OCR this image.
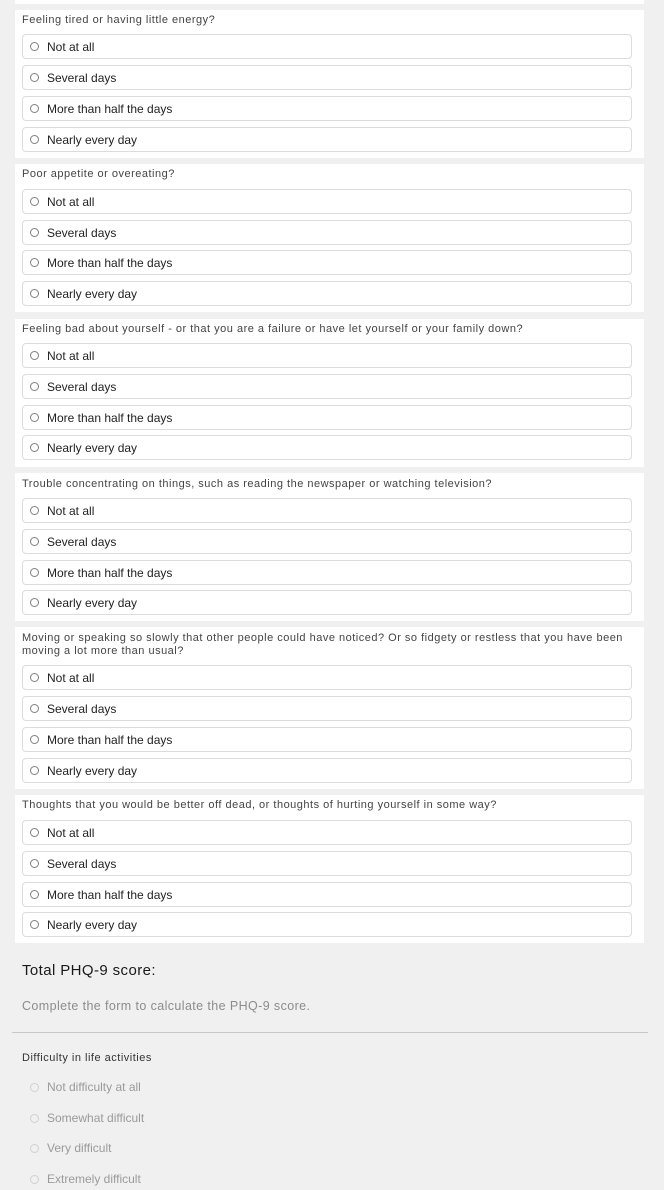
Feeling tired or having little energy?
Not at all
Several days
More than half the days
Nearly every day
Poor appetite or overeating?
Not at all
Several days
More than half the days
Nearly every day
Feeling bad about yourself - or that you are a failure or have let yourself or your family down?
Not at all
Several days
More than half the days
Nearly every day
Trouble concentrating on things, such as reading the newspaper or watching television?
Not at all
Several days
More than half the days
Nearly every day
Moving or speaking so slowly that other people could have noticed? Or so fidgety or restless that you have been moving a lot more than usual?
Not at all
Several days
More than half the days
Nearly every day
Thoughts that you would be better off dead, or thoughts of hurting yourself in some way?
Not at all
Several days
More than half the days
Nearly every day
Total PHQ-9 score:
Complete the form to calculate the PHQ-9 score.
Difficulty in life activities
Not difficulty at all
Somewhat difficult
Very difficult
Extremely difficult
